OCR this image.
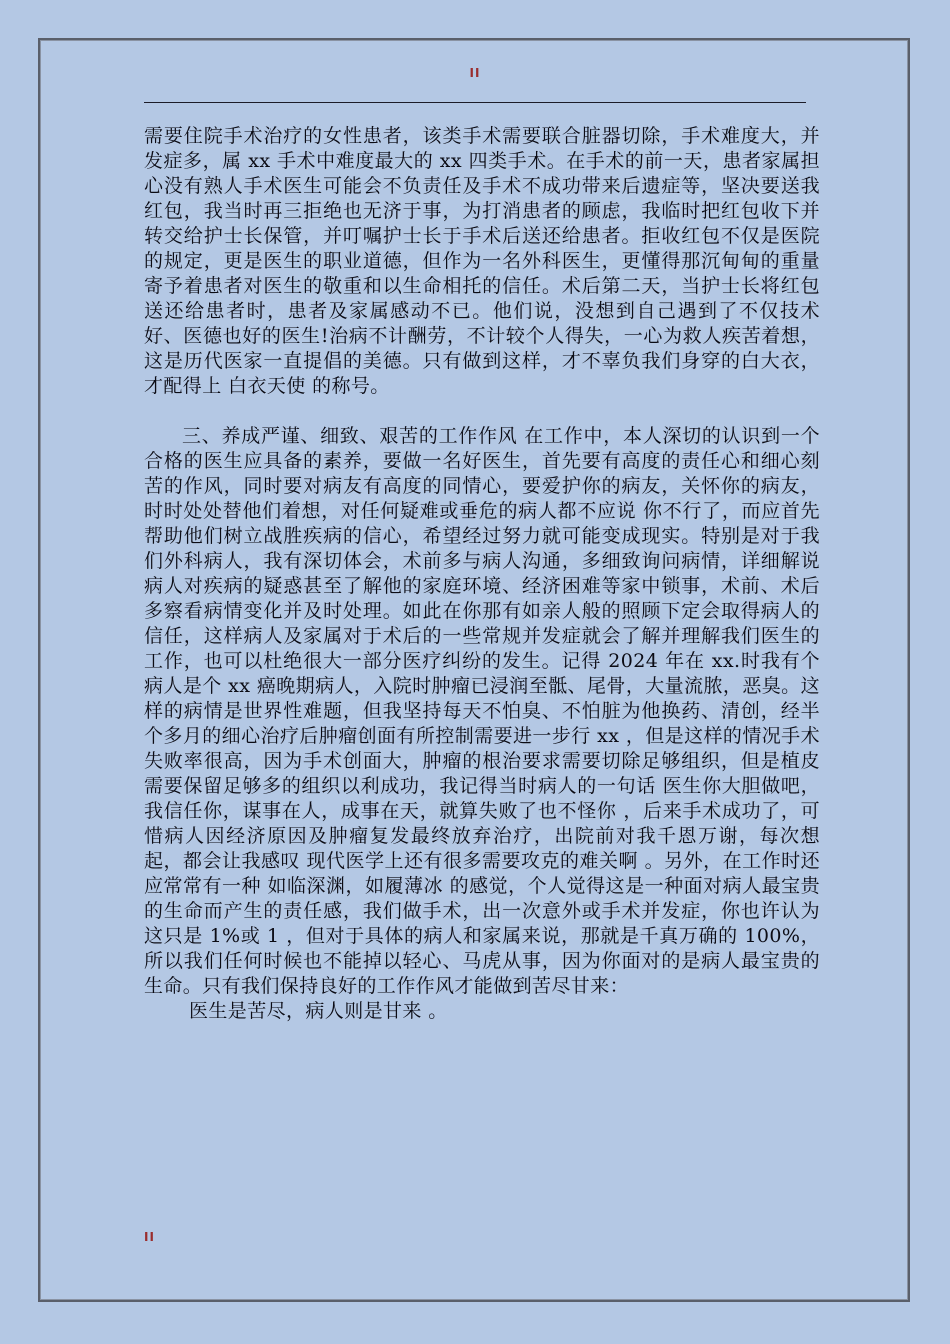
II

需要住院手术治疗的女性患者，该类手术需要联合脏器切除，手术难度大，并发症多，属 xx 手术中难度最大的 xx 四类手术。在手术的前一天，患者家属担心没有熟人手术医生可能会不负责任及手术不成功带来后遗症等，坚决要送我红包，我当时再三拒绝也无济于事，为打消患者的顾虑，我临时把红包收下并转交给护士长保管，并叮嘱护士长于手术后送还给患者。拒收红包不仅是医院的规定，更是医生的职业道德，但作为一名外科医生，更懂得那沉甸甸的重量寄予着患者对医生的敬重和以生命相托的信任。术后第二天，当护士长将红包送还给患者时，患者及家属感动不已。他们说，没想到自己遇到了不仅技术好、医德也好的医生!治病不计酬劳，不计较个人得失，一心为救人疾苦着想，这是历代医家一直提倡的美德。只有做到这样，才不辜负我们身穿的白大衣，才配得上 白衣天使 的称号。

三、养成严谨、细致、艰苦的工作作风 在工作中，本人深切的认识到一个合格的医生应具备的素养，要做一名好医生，首先要有高度的责任心和细心刻苦的作风，同时要对病友有高度的同情心，要爱护你的病友，关怀你的病友，时时处处替他们着想，对任何疑难或垂危的病人都不应说 你不行了，而应首先帮助他们树立战胜疾病的信心，希望经过努力就可能变成现实。特别是对于我们外科病人，我有深切体会，术前多与病人沟通，多细致询问病情，详细解说病人对疾病的疑惑甚至了解他的家庭环境、经济困难等家中锁事，术前、术后多察看病情变化并及时处理。如此在你那有如亲人般的照顾下定会取得病人的信任，这样病人及家属对于术后的一些常规并发症就会了解并理解我们医生的工作，也可以杜绝很大一部分医疗纠纷的发生。记得 2024 年在 xx.时我有个病人是个 xx 癌晚期病人，入院时肿瘤已浸润至骶、尾骨，大量流脓，恶臭。这样的病情是世界性难题，但我坚持每天不怕臭、不怕脏为他换药、清创，经半个多月的细心治疗后肿瘤创面有所控制需要进一步行 xx ，但是这样的情况手术失败率很高，因为手术创面大，肿瘤的根治要求需要切除足够组织，但是植皮需要保留足够多的组织以利成功，我记得当时病人的一句话 医生你大胆做吧，我信任你，谋事在人，成事在天，就算失败了也不怪你 ，后来手术成功了，可惜病人因经济原因及肿瘤复发最终放弃治疗，出院前对我千恩万谢，每次想起，都会让我感叹 现代医学上还有很多需要攻克的难关啊 。另外，在工作时还应常常有一种 如临深渊，如履薄冰 的感觉，个人觉得这是一种面对病人最宝贵的生命而产生的责任感，我们做手术，出一次意外或手术并发症，你也许认为这只是 1%或 1 ，但对于具体的病人和家属来说，那就是千真万确的 100%，所以我们任何时候也不能掉以轻心、马虎从事，因为你面对的是病人最宝贵的生命。只有我们保持良好的工作作风才能做到苦尽甘来：

医生是苦尽，病人则是甘来 。

II
